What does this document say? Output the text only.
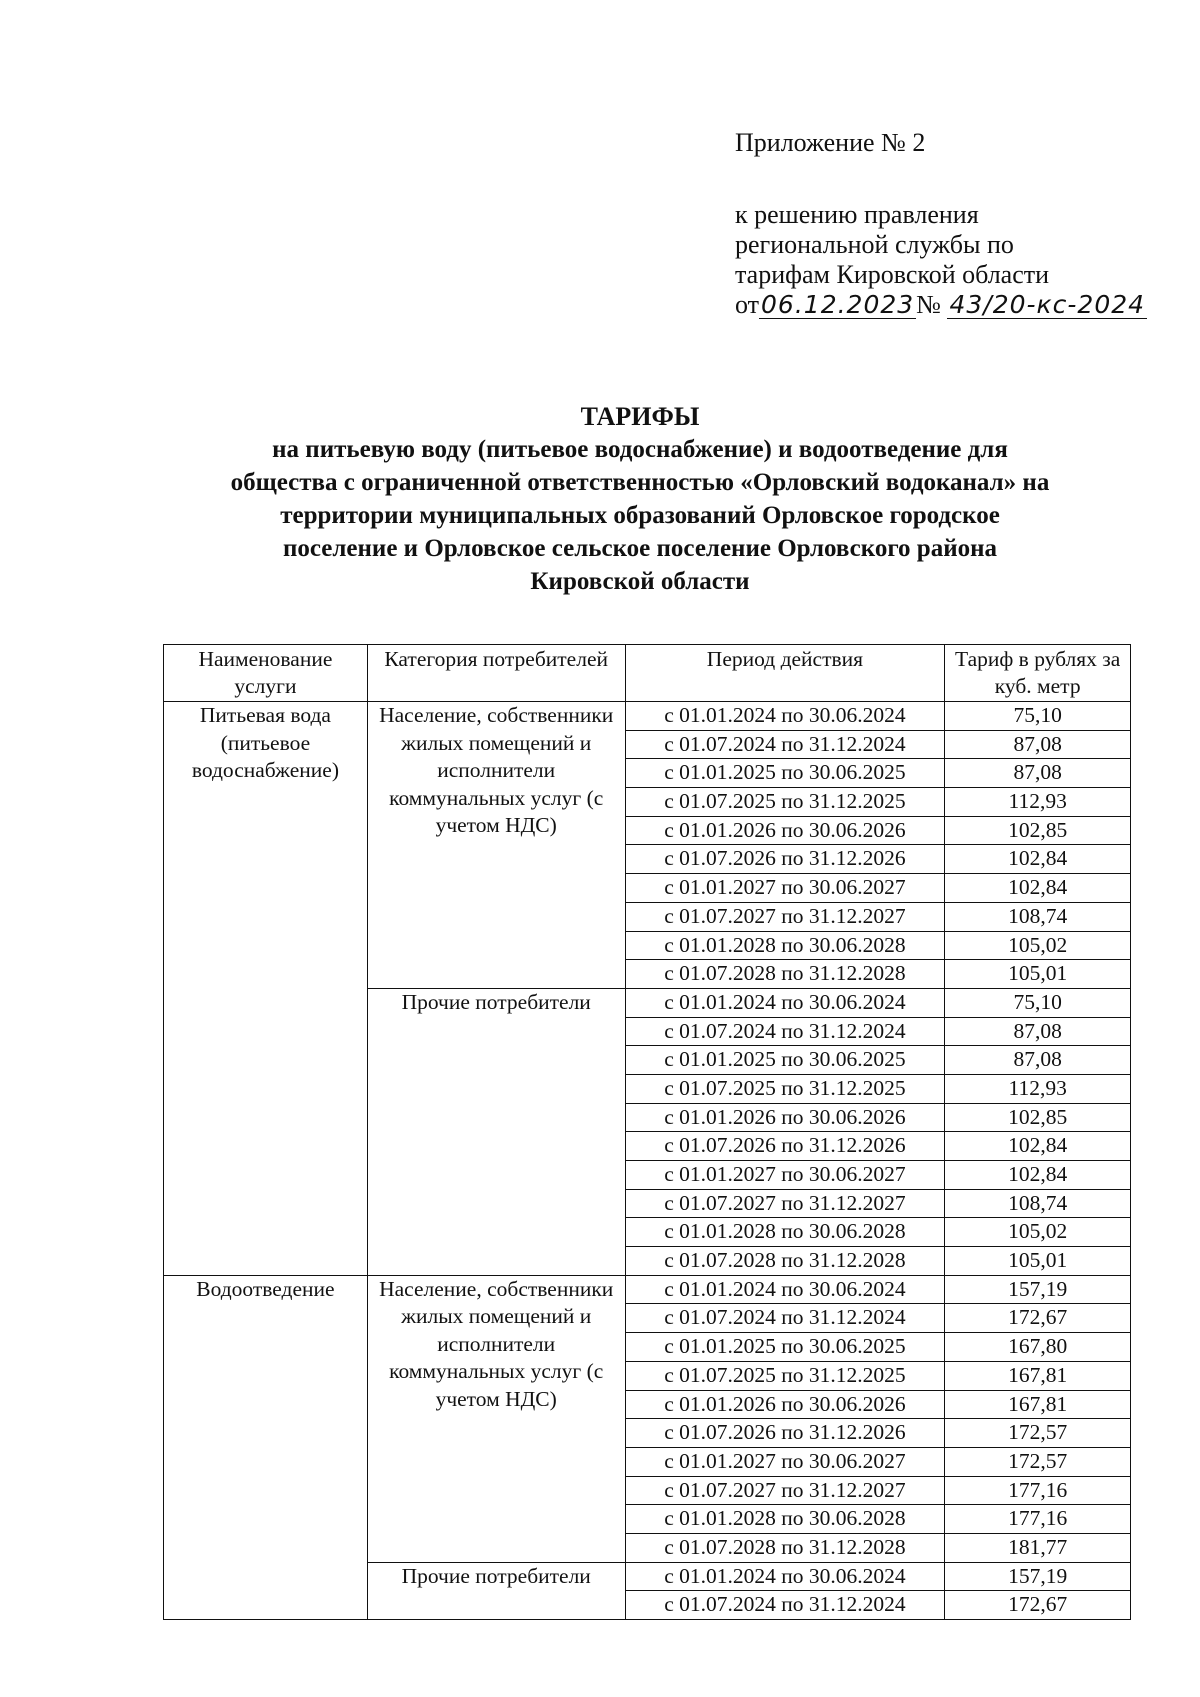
Приложение № 2
к решению правления
региональной службы по
тарифам Кировской области
от06.12.2023№ 43/20-кс-2024
ТАРИФЫ
на питьевую воду (питьевое водоснабжение) и водоотведение для
общества с ограниченной ответственностью «Орловский водоканал» на
территории муниципальных образований Орловское городское
поселение и Орловское сельское поселение Орловского района
Кировской области
Наименование услуги	Категория потребителей	Период действия	Тариф в рублях за куб. метр
Питьевая вода (питьевое водоснабжение)	Население, собственники жилых помещений и исполнители коммунальных услуг (с учетом НДС)	с 01.01.2024 по 30.06.2024	75,10
		с 01.07.2024 по 31.12.2024	87,08
		с 01.01.2025 по 30.06.2025	87,08
		с 01.07.2025 по 31.12.2025	112,93
		с 01.01.2026 по 30.06.2026	102,85
		с 01.07.2026 по 31.12.2026	102,84
		с 01.01.2027 по 30.06.2027	102,84
		с 01.07.2027 по 31.12.2027	108,74
		с 01.01.2028 по 30.06.2028	105,02
		с 01.07.2028 по 31.12.2028	105,01
	Прочие потребители	с 01.01.2024 по 30.06.2024	75,10
		с 01.07.2024 по 31.12.2024	87,08
		с 01.01.2025 по 30.06.2025	87,08
		с 01.07.2025 по 31.12.2025	112,93
		с 01.01.2026 по 30.06.2026	102,85
		с 01.07.2026 по 31.12.2026	102,84
		с 01.01.2027 по 30.06.2027	102,84
		с 01.07.2027 по 31.12.2027	108,74
		с 01.01.2028 по 30.06.2028	105,02
		с 01.07.2028 по 31.12.2028	105,01
Водоотведение	Население, собственники жилых помещений и исполнители коммунальных услуг (с учетом НДС)	с 01.01.2024 по 30.06.2024	157,19
		с 01.07.2024 по 31.12.2024	172,67
		с 01.01.2025 по 30.06.2025	167,80
		с 01.07.2025 по 31.12.2025	167,81
		с 01.01.2026 по 30.06.2026	167,81
		с 01.07.2026 по 31.12.2026	172,57
		с 01.01.2027 по 30.06.2027	172,57
		с 01.07.2027 по 31.12.2027	177,16
		с 01.01.2028 по 30.06.2028	177,16
		с 01.07.2028 по 31.12.2028	181,77
	Прочие потребители	с 01.01.2024 по 30.06.2024	157,19
		с 01.07.2024 по 31.12.2024	172,67
